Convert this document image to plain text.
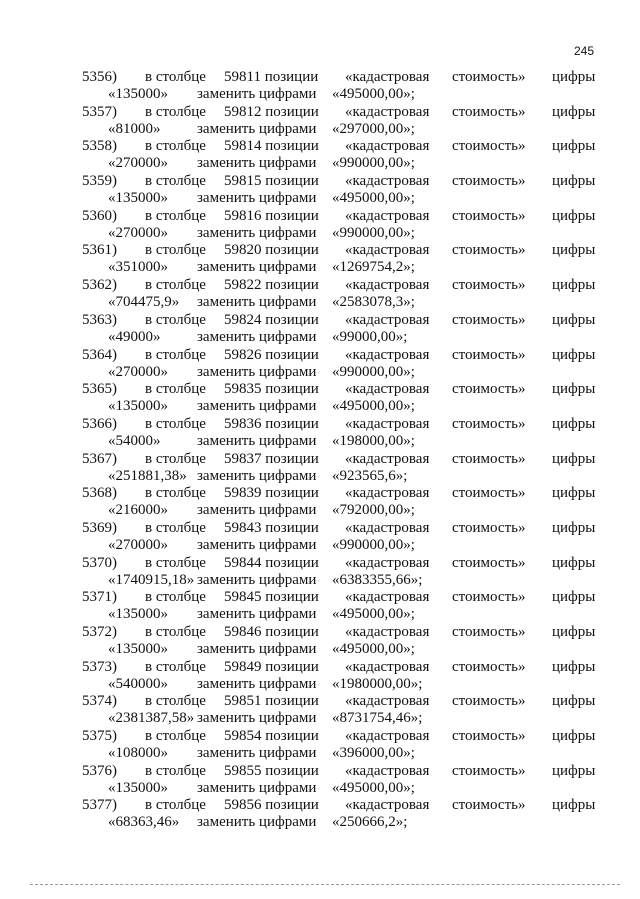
245
5356) в столбце 59811 позиции «кадастровая стоимость» цифры
«135000» заменить цифрами «495000,00»;
5357) в столбце 59812 позиции «кадастровая стоимость» цифры
«81000» заменить цифрами «297000,00»;
5358) в столбце 59814 позиции «кадастровая стоимость» цифры
«270000» заменить цифрами «990000,00»;
5359) в столбце 59815 позиции «кадастровая стоимость» цифры
«135000» заменить цифрами «495000,00»;
5360) в столбце 59816 позиции «кадастровая стоимость» цифры
«270000» заменить цифрами «990000,00»;
5361) в столбце 59820 позиции «кадастровая стоимость» цифры
«351000» заменить цифрами «1269754,2»;
5362) в столбце 59822 позиции «кадастровая стоимость» цифры
«704475,9» заменить цифрами «2583078,3»;
5363) в столбце 59824 позиции «кадастровая стоимость» цифры
«49000» заменить цифрами «99000,00»;
5364) в столбце 59826 позиции «кадастровая стоимость» цифры
«270000» заменить цифрами «990000,00»;
5365) в столбце 59835 позиции «кадастровая стоимость» цифры
«135000» заменить цифрами «495000,00»;
5366) в столбце 59836 позиции «кадастровая стоимость» цифры
«54000» заменить цифрами «198000,00»;
5367) в столбце 59837 позиции «кадастровая стоимость» цифры
«251881,38» заменить цифрами «923565,6»;
5368) в столбце 59839 позиции «кадастровая стоимость» цифры
«216000» заменить цифрами «792000,00»;
5369) в столбце 59843 позиции «кадастровая стоимость» цифры
«270000» заменить цифрами «990000,00»;
5370) в столбце 59844 позиции «кадастровая стоимость» цифры
«1740915,18» заменить цифрами «6383355,66»;
5371) в столбце 59845 позиции «кадастровая стоимость» цифры
«135000» заменить цифрами «495000,00»;
5372) в столбце 59846 позиции «кадастровая стоимость» цифры
«135000» заменить цифрами «495000,00»;
5373) в столбце 59849 позиции «кадастровая стоимость» цифры
«540000» заменить цифрами «1980000,00»;
5374) в столбце 59851 позиции «кадастровая стоимость» цифры
«2381387,58» заменить цифрами «8731754,46»;
5375) в столбце 59854 позиции «кадастровая стоимость» цифры
«108000» заменить цифрами «396000,00»;
5376) в столбце 59855 позиции «кадастровая стоимость» цифры
«135000» заменить цифрами «495000,00»;
5377) в столбце 59856 позиции «кадастровая стоимость» цифры
«68363,46» заменить цифрами «250666,2»;
